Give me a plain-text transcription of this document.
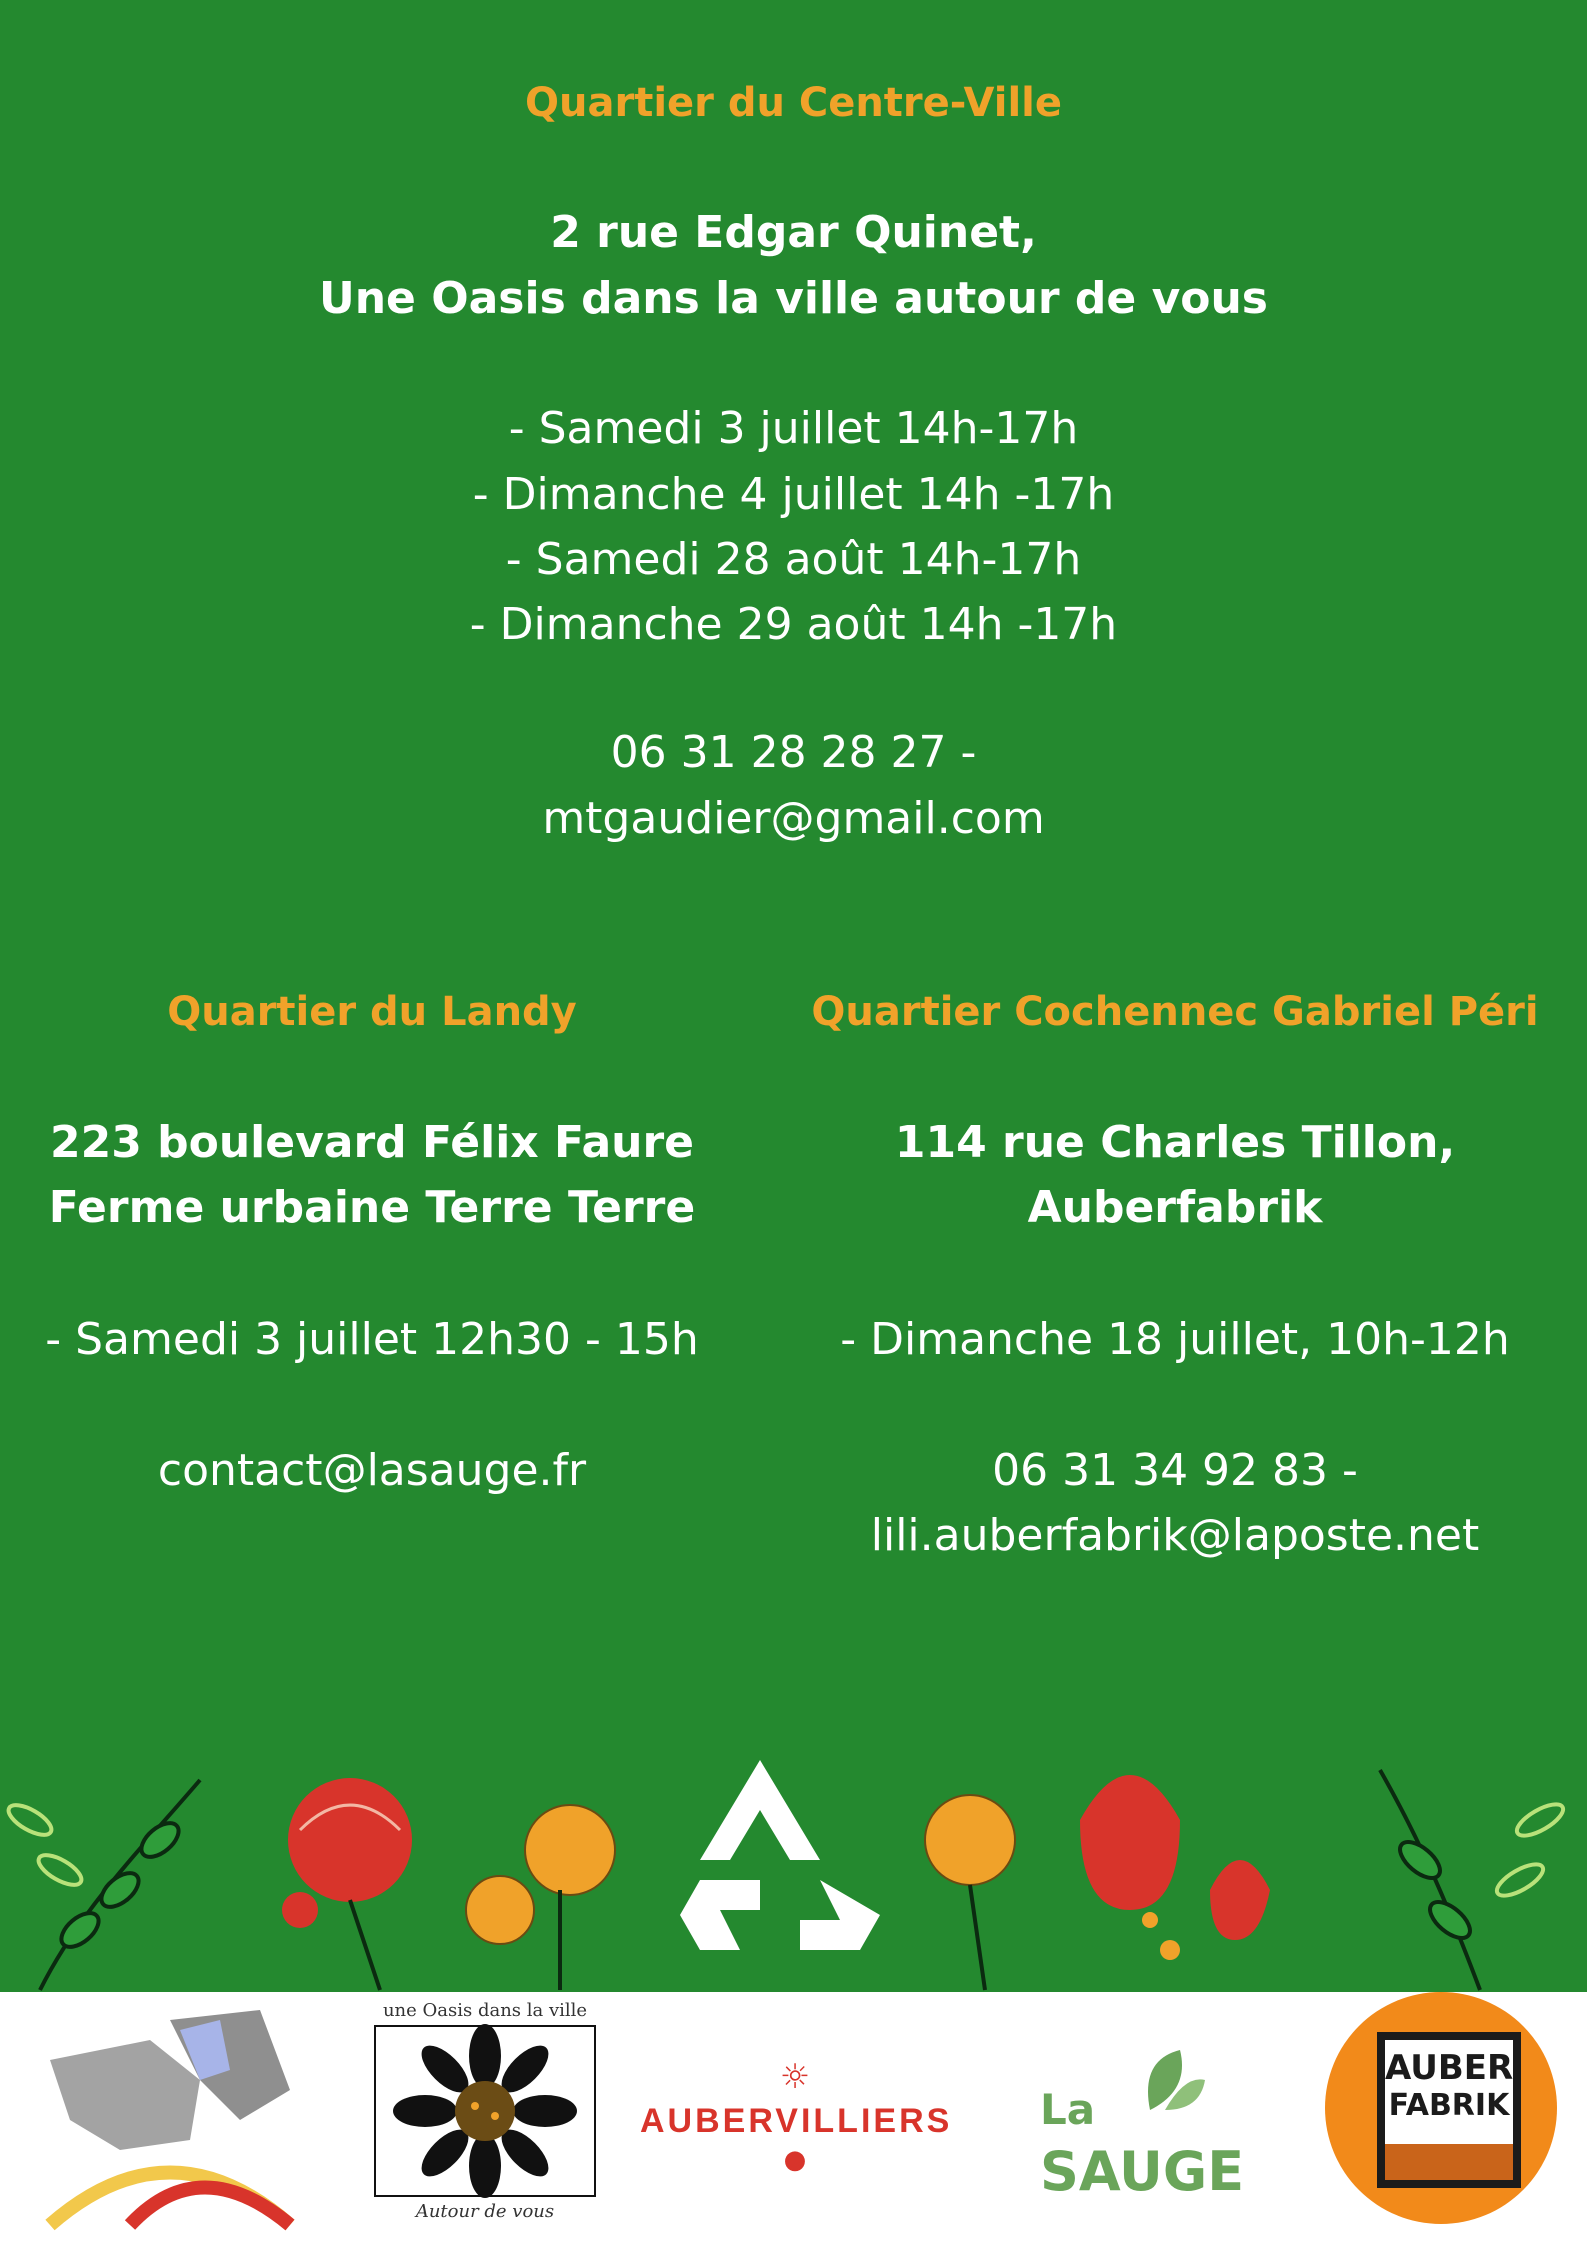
Quartier du Centre-Ville
2 rue Edgar Quinet,
Une Oasis dans la ville autour de vous
- Samedi 3 juillet 14h-17h
- Dimanche 4 juillet 14h -17h
- Samedi 28 août 14h-17h
- Dimanche 29 août 14h -17h
06 31 28 28 27 -
mtgaudier@gmail.com
Quartier du Landy
223 boulevard Félix Faure
Ferme urbaine Terre Terre
- Samedi 3 juillet 12h30 - 15h
contact@lasauge.fr
Quartier Cochennec Gabriel Péri
114 rue Charles Tillon,
Auberfabrik
- Dimanche 18 juillet, 10h-12h
06 31 34 92 83 -
lili.auberfabrik@laposte.net
une Oasis dans la ville
Autour de vous
☼
AUBERVILLIERS
●
La
SAUGE
AUBER
FABRIK
